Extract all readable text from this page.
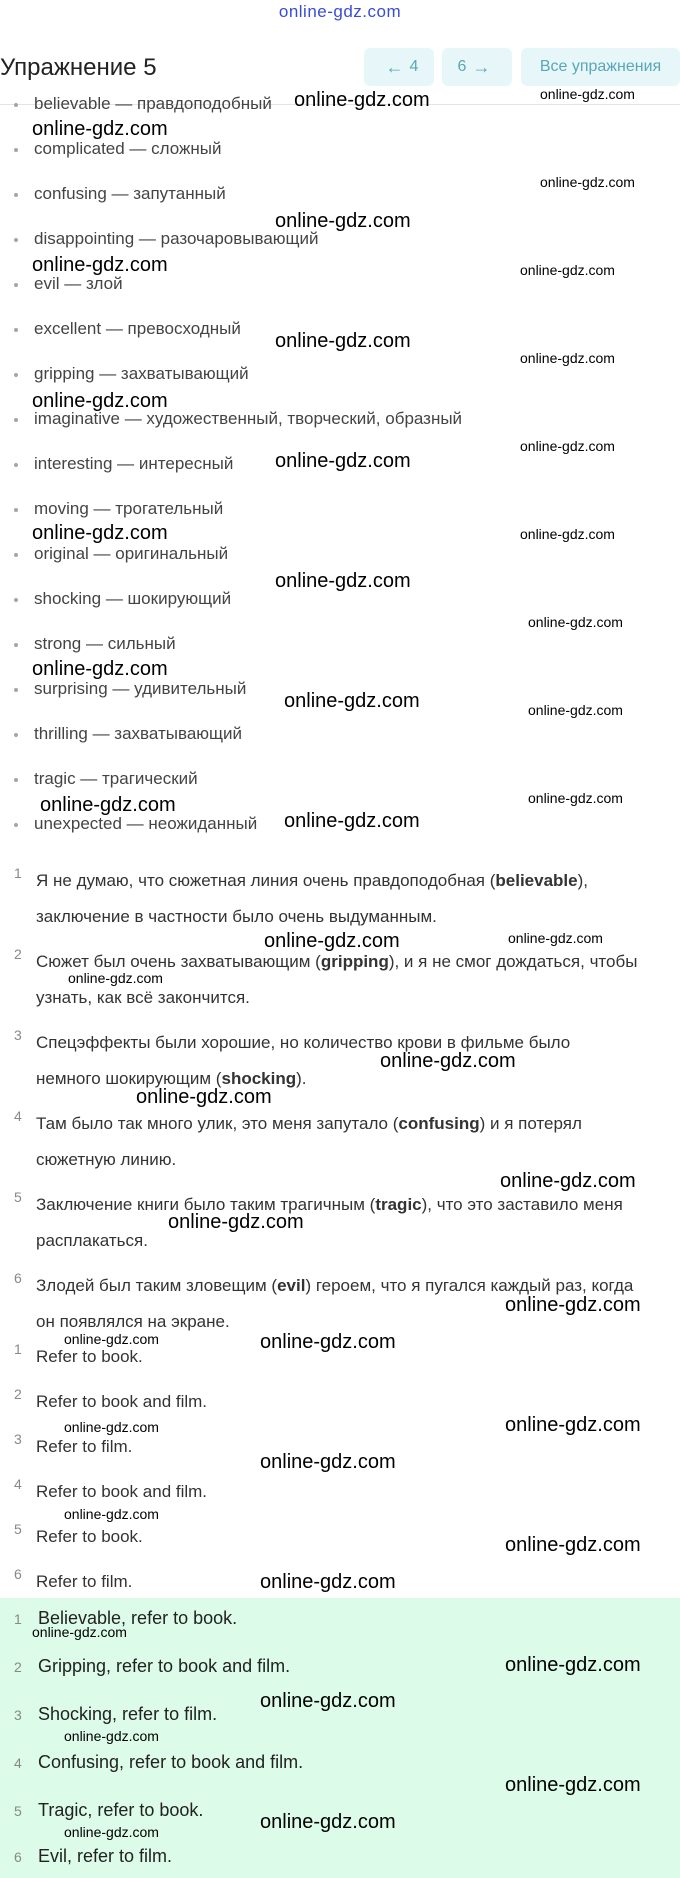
online-gdz.com
Упражнение 5	← 4 6 →	Все упражнения
believable — правдоподобный
complicated — сложный
confusing — запутанный
disappointing — разочаровывающий
evil — злой
excellent — превосходный
gripping — захватывающий
imaginative — художественный, творческий, образный
interesting — интересный
moving — трогательный
original — оригинальный
shocking — шокирующий
strong — сильный
surprising — удивительный
thrilling — захватывающий
tragic — трагический
unexpected — неожиданный
1 Я не думаю, что сюжетная линия очень правдоподобная (believable),
заключение в частности было очень выдуманным.
2 Сюжет был очень захватывающим (gripping), и я не смог дождаться, чтобы
узнать, как всё закончится.
3 Спецэффекты были хорошие, но количество крови в фильме было
немного шокирующим (shocking).
4 Там было так много улик, это меня запутало (confusing) и я потерял
сюжетную линию.
5 Заключение книги было таким трагичным (tragic), что это заставило меня
расплакаться.
6 Злодей был таким зловещим (evil) героем, что я пугался каждый раз, когда
он появлялся на экране.
1 Refer to book.
2 Refer to book and film.
3 Refer to film.
4 Refer to book and film.
5 Refer to book.
6 Refer to film.
1 Believable, refer to book.
2 Gripping, refer to book and film.
3 Shocking, refer to film.
4 Confusing, refer to book and film.
5 Tragic, refer to book.
6 Evil, refer to film.
online-gdz.com	online-gdz.com
online-gdz.com
online-gdz.com
online-gdz.com
online-gdz.com	online-gdz.com
online-gdz.com
online-gdz.com
online-gdz.com
online-gdz.com
online-gdz.com
online-gdz.com	online-gdz.com
online-gdz.com
online-gdz.com
online-gdz.com
online-gdz.com	online-gdz.com
online-gdz.com	online-gdz.com
online-gdz.com
online-gdz.com	online-gdz.com
online-gdz.com
online-gdz.com
online-gdz.com
online-gdz.com
online-gdz.com
online-gdz.com
online-gdz.com	online-gdz.com
online-gdz.com	online-gdz.com
online-gdz.com
online-gdz.com
online-gdz.com
online-gdz.com
online-gdz.com
online-gdz.com
online-gdz.com
online-gdz.com
online-gdz.com
online-gdz.com
online-gdz.com
